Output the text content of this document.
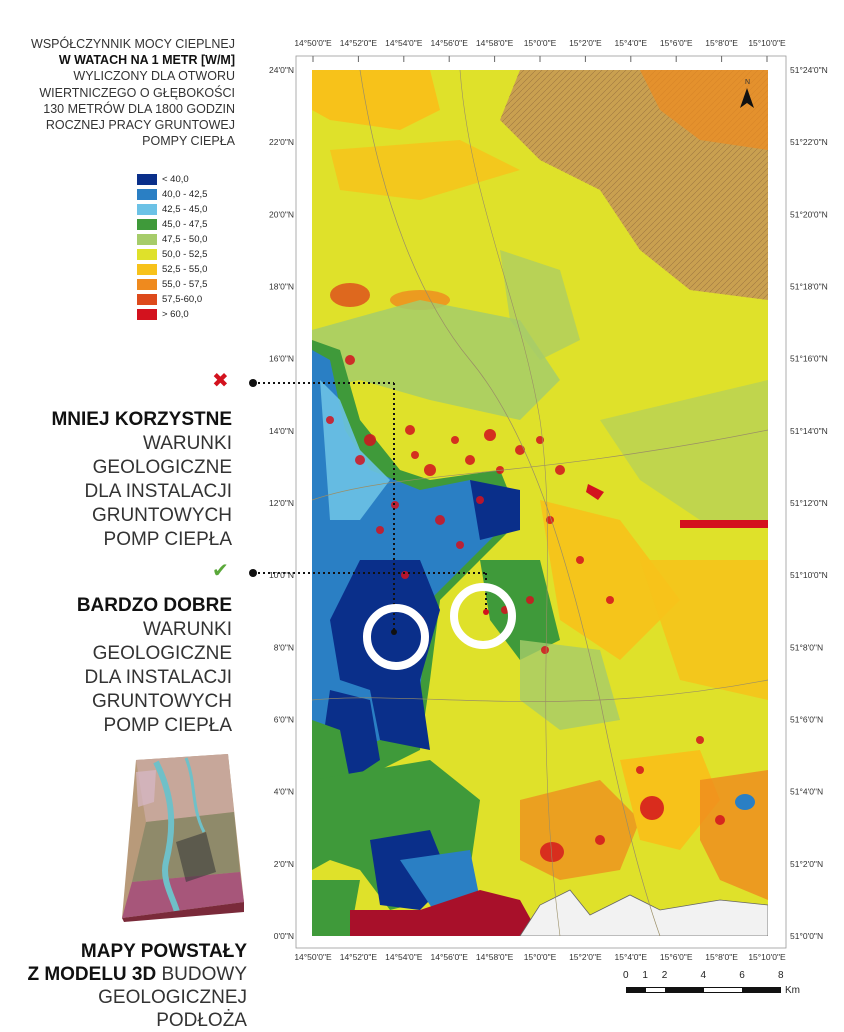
WSPÓŁCZYNNIK MOCY CIEPLNEJ
W WATACH NA 1 METR [W/M]
WYLICZONY DLA OTWORU
WIERTNICZEGO O GŁĘBOKOŚCI
130 METRÓW DLA 1800 GODZIN
ROCZNEJ PRACY GRUNTOWEJ
POMPY CIEPŁA
< 40,0
40,0 - 42,5
42,5 - 45,0
45,0 - 47,5
47,5 - 50,0
50,0 - 52,5
52,5 - 55,0
55,0 - 57,5
57,5-60,0
> 60,0
✖
MNIEJ KORZYSTNE
WARUNKI GEOLOGICZNE
DLA INSTALACJI
GRUNTOWYCH
POMP CIEPŁA
✔
BARDZO DOBRE
WARUNKI GEOLOGICZNE
DLA INSTALACJI
GRUNTOWYCH
POMP CIEPŁA
MAPY POWSTAŁY
Z MODELU 3D BUDOWY
GEOLOGICZNEJ PODŁOŻA
N
14°50'0"E 14°52'0"E 14°54'0"E 14°56'0"E 14°58'0"E 15°0'0"E 15°2'0"E 15°4'0"E 15°6'0"E 15°8'0"E 15°10'0"E
14°50'0"E 14°52'0"E 14°54'0"E 14°56'0"E 14°58'0"E 15°0'0"E 15°2'0"E 15°4'0"E 15°6'0"E 15°8'0"E 15°10'0"E
24'0"N
22'0"N
20'0"N
18'0"N
16'0"N
14'0"N
12'0"N
10'0"N
8'0"N
6'0"N
4'0"N
2'0"N
0'0"N
51°24'0"N
51°22'0"N
51°20'0"N
51°18'0"N
51°16'0"N
51°14'0"N
51°12'0"N
51°10'0"N
51°8'0"N
51°6'0"N
51°4'0"N
51°2'0"N
51°0'0"N
0 1 2	4	6	8
Km
